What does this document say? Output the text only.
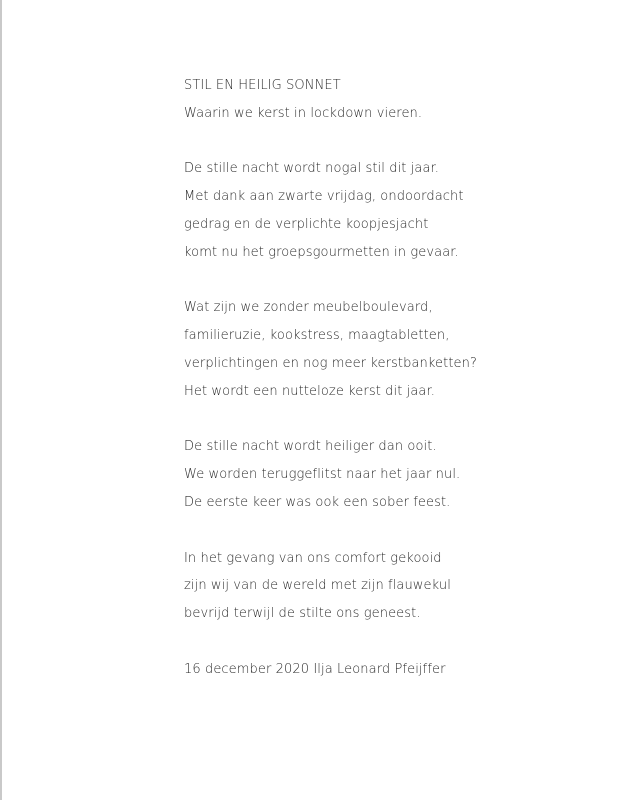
STIL EN HEILIG SONNET
Waarin we kerst in lockdown vieren.
De stille nacht wordt nogal stil dit jaar.
Met dank aan zwarte vrijdag, ondoordacht
gedrag en de verplichte koopjesjacht
komt nu het groepsgourmetten in gevaar.
Wat zijn we zonder meubelboulevard,
familieruzie, kookstress, maagtabletten,
verplichtingen en nog meer kerstbanketten?
Het wordt een nutteloze kerst dit jaar.
De stille nacht wordt heiliger dan ooit.
We worden teruggeflitst naar het jaar nul.
De eerste keer was ook een sober feest.
In het gevang van ons comfort gekooid
zijn wij van de wereld met zijn flauwekul
bevrijd terwijl de stilte ons geneest.
16 december 2020 Ilja Leonard Pfeijffer
